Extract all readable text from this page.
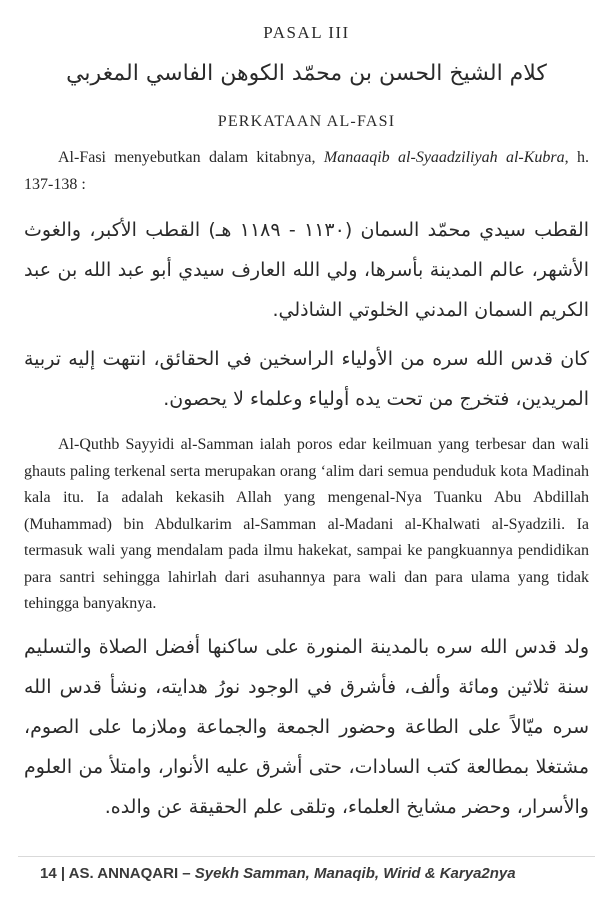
PASAL III
كلام الشيخ الحسن بن محمّد الكوهن الفاسي المغربي
PERKATAAN AL-FASI

Al-Fasi menyebutkan dalam kitabnya, Manaaqib al-Syaadziliyah al-Kubra, h. 137-138 :

القطب سيدي محمّد السمان (١١٣٠ - ١١٨٩ هـ) القطب الأكبر، والغوث الأشهر، عالم المدينة بأسرها، ولي الله العارف سيدي أبو عبد الله بن عبد الكريم السمان المدني الخلوتي الشاذلي.

كان قدس الله سره من الأولياء الراسخين في الحقائق، انتهت إليه تربية المريدين، فتخرج من تحت يده أولياء وعلماء لا يحصون.

Al-Quthb Sayyidi al-Samman ialah poros edar keilmuan yang terbesar dan wali ghauts paling terkenal serta merupakan orang ‘alim dari semua penduduk kota Madinah kala itu. Ia adalah kekasih Allah yang mengenal-Nya Tuanku Abu Abdillah (Muhammad) bin Abdulkarim al-Samman al-Madani al-Khalwati al-Syadzili. Ia termasuk wali yang mendalam pada ilmu hakekat, sampai ke pangkuannya pendidikan para santri sehingga lahirlah dari asuhannya para wali dan para ulama yang tidak tehingga banyaknya.

ولد قدس الله سره بالمدينة المنورة على ساكنها أفضل الصلاة والتسليم سنة ثلاثين ومائة وألف، فأشرق في الوجود نورُ هدايته، ونشأ قدس الله سره ميّالاً على الطاعة وحضور الجمعة والجماعة وملازما على الصوم، مشتغلا بمطالعة كتب السادات، حتى أشرق عليه الأنوار، وامتلأ من العلوم والأسرار، وحضر مشايخ العلماء، وتلقى علم الحقيقة عن والده.

14 | AS. ANNAQARI – Syekh Samman, Manaqib, Wirid & Karya2nya
